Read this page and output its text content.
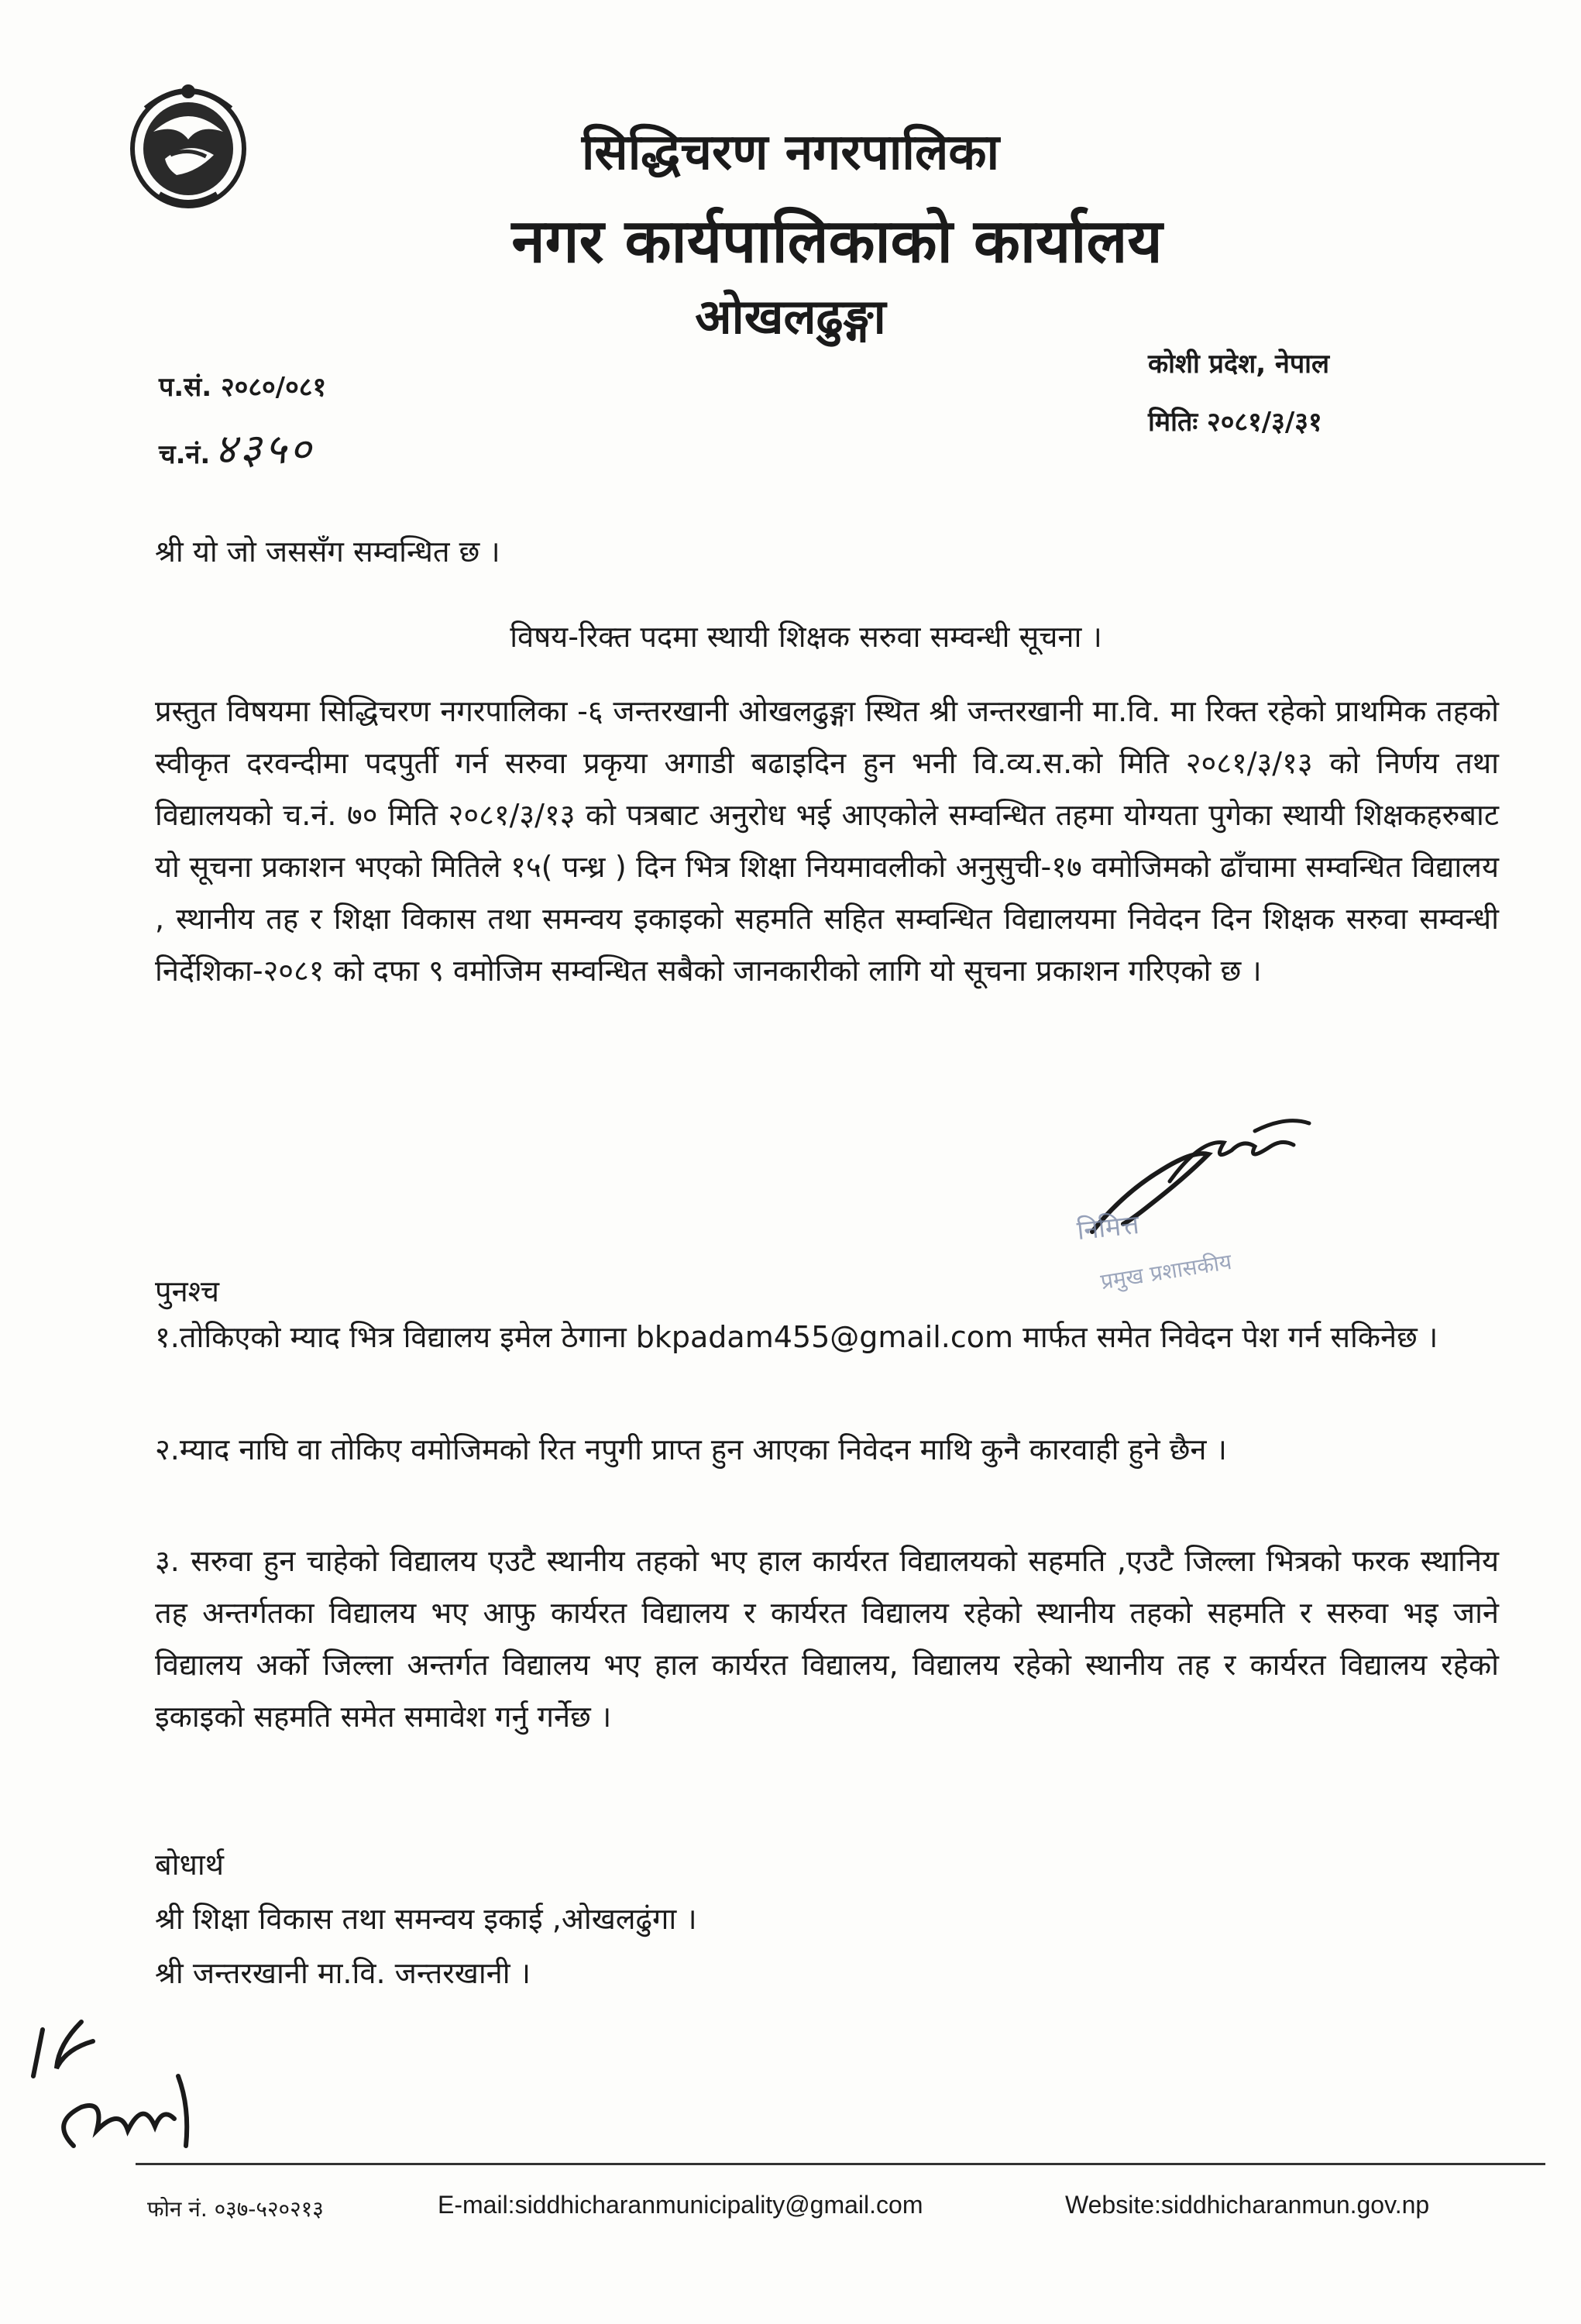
सिद्धिचरण नगरपालिका
नगर कार्यपालिकाको कार्यालय
ओखलढुङ्गा
प.सं. २०८०/०८१
च.नं. ४३५०
कोशी प्रदेश, नेपाल
मितिः २०८१/३/३१
श्री यो जो जससँग सम्वन्धित छ ।
विषय-रिक्त पदमा स्थायी शिक्षक सरुवा सम्वन्धी सूचना ।
प्रस्तुत विषयमा सिद्धिचरण नगरपालिका -६ जन्तरखानी ओखलढुङ्गा स्थित श्री जन्तरखानी मा.वि. मा रिक्त रहेको प्राथमिक तहको स्वीकृत दरवन्दीमा पदपुर्ती गर्न सरुवा प्रकृया अगाडी बढाइदिन हुन भनी वि.व्य.स.को मिति २०८१/३/१३ को निर्णय तथा विद्यालयको च.नं. ७० मिति २०८१/३/१३ को पत्रबाट अनुरोध भई आएकोले सम्वन्धित तहमा योग्यता पुगेका स्थायी शिक्षकहरुबाट यो सूचना प्रकाशन भएको मितिले १५( पन्ध्र ) दिन भित्र शिक्षा नियमावलीको अनुसुची-१७ वमोजिमको ढाँचामा सम्वन्धित विद्यालय , स्थानीय तह र शिक्षा विकास तथा समन्वय इकाइको सहमति सहित सम्वन्धित विद्यालयमा निवेदन दिन शिक्षक सरुवा सम्वन्धी निर्देशिका-२०८१ को दफा ९ वमोजिम सम्वन्धित सबैको जानकारीको लागि यो सूचना प्रकाशन गरिएको छ ।
निमित्त
प्रमुख प्रशासकीय
पुनश्च
१.तोकिएको म्याद भित्र विद्यालय इमेल ठेगाना bkpadam455@gmail.com मार्फत समेत निवेदन पेश गर्न सकिनेछ ।
२.म्याद नाघि वा तोकिए वमोजिमको रित नपुगी प्राप्त हुन आएका निवेदन माथि कुनै कारवाही हुने छैन ।
३. सरुवा हुन चाहेको विद्यालय एउटै स्थानीय तहको भए हाल कार्यरत विद्यालयको सहमति ,एउटै जिल्ला भित्रको फरक स्थानिय तह अन्तर्गतका विद्यालय भए आफु कार्यरत विद्यालय र कार्यरत विद्यालय रहेको स्थानीय तहको सहमति र सरुवा भइ जाने विद्यालय अर्को जिल्ला अन्तर्गत विद्यालय भए हाल कार्यरत विद्यालय, विद्यालय रहेको स्थानीय तह र कार्यरत विद्यालय रहेको इकाइको सहमति समेत समावेश गर्नु गर्नेछ ।
बोधार्थ
श्री शिक्षा विकास तथा समन्वय इकाई ,ओखलढुंगा ।
श्री जन्तरखानी मा.वि. जन्तरखानी ।
फोन नं. ०३७-५२०२१३	E-mail:siddhicharanmunicipality@gmail.com	Website:siddhicharanmun.gov.np
